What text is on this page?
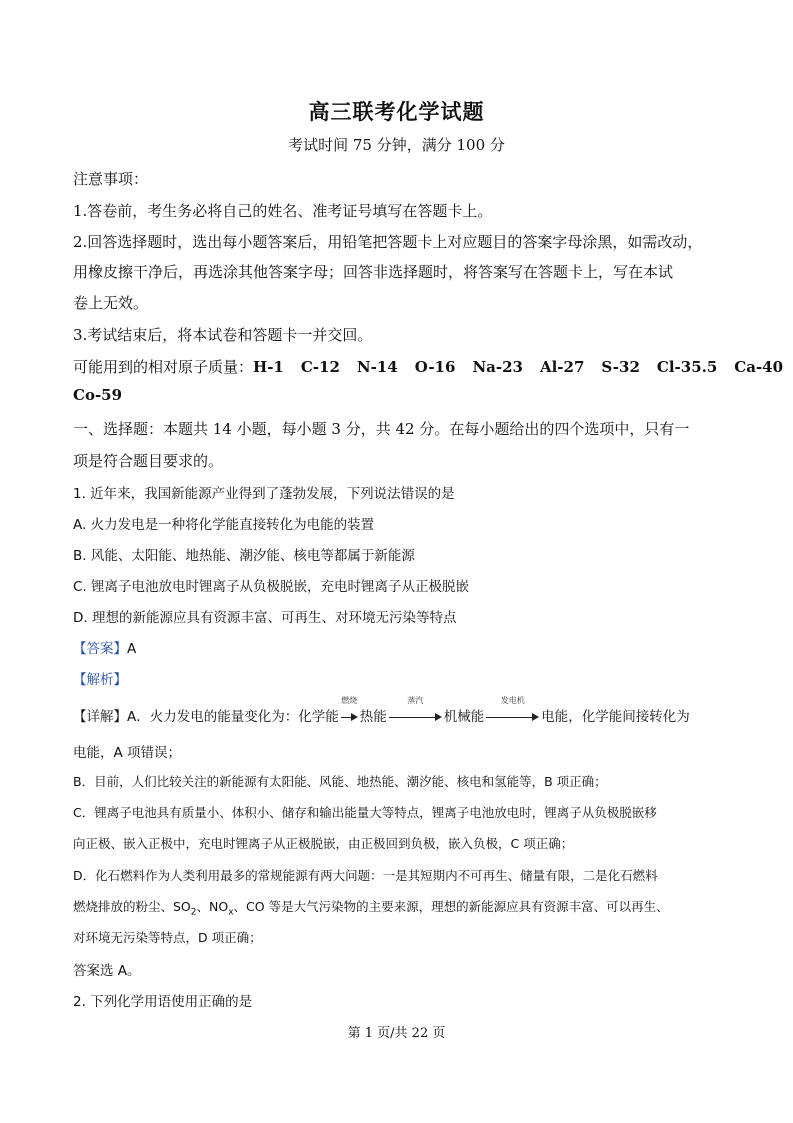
高三联考化学试题
考试时间 75 分钟，满分 100 分
注意事项：
1.答卷前，考生务必将自己的姓名、准考证号填写在答题卡上。
2.回答选择题时，选出每小题答案后，用铅笔把答题卡上对应题目的答案字母涂黑，如需改动，
用橡皮擦干净后，再选涂其他答案字母；回答非选择题时，将答案写在答题卡上，写在本试
卷上无效。
3.考试结束后，将本试卷和答题卡一并交回。
可能用到的相对原子质量：H-1 C-12 N-14 O-16 Na-23 Al-27 S-32 Cl-35.5 Ca-40
Co-59
一、选择题：本题共 14 小题，每小题 3 分，共 42 分。在每小题给出的四个选项中，只有一
项是符合题目要求的。
1. 近年来，我国新能源产业得到了蓬勃发展，下列说法错误的是
A. 火力发电是一种将化学能直接转化为电能的装置
B. 风能、太阳能、地热能、潮汐能、核电等都属于新能源
C. 锂离子电池放电时锂离子从负极脱嵌，充电时锂离子从正极脱嵌
D. 理想的新能源应具有资源丰富、可再生、对环境无污染等特点
【答案】A
【解析】
【详解】A．火力发电的能量变化为：化学能
燃烧
热能
蒸汽
机械能
发电机
电能，化学能间接转化为
电能，A 项错误；
B．目前，人们比较关注的新能源有太阳能、风能、地热能、潮汐能、核电和氢能等，B 项正确；
C．锂离子电池具有质量小、体积小、储存和输出能量大等特点，锂离子电池放电时，锂离子从负极脱嵌移
向正极、嵌入正极中，充电时锂离子从正极脱嵌，由正极回到负极，嵌入负极，C 项正确；
D．化石燃料作为人类利用最多的常规能源有两大问题：一是其短期内不可再生、储量有限，二是化石燃料
燃烧排放的粉尘、$SO_2$、$NO_x$、CO 等是大气污染物的主要来源，理想的新能源应具有资源丰富、可以再生、
对环境无污染等特点，D 项正确；
答案选 A。
2. 下列化学用语使用正确的是
第 1 页/共 22 页
